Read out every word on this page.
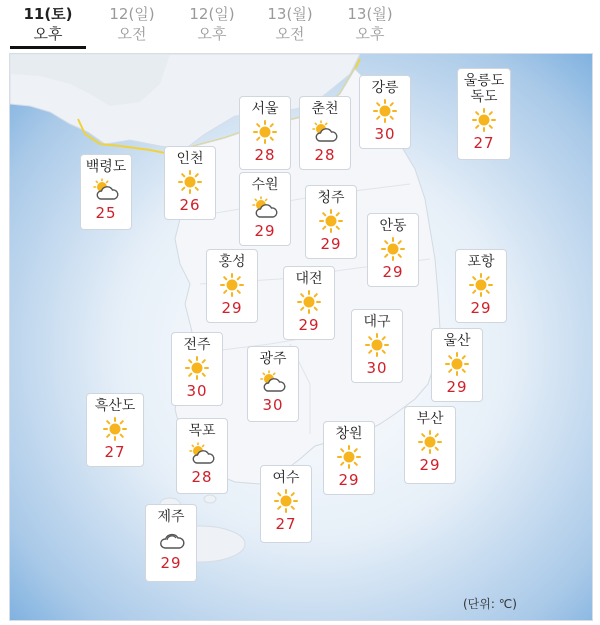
11(토)
오후
12(일)
오전
12(일)
오후
13(월)
오전
13(월)
오후
서울
28
춘천
28
강릉
30
울릉도
독도
27
백령도
25
인천
26
수원
29
청주
29
안동
29
홍성
29
대전
29
포항
29
대구
30
전주
30
광주
30
울산
29
흑산도
27
목포
28
창원
29
부산
29
여수
27
제주
29
(단위: ℃)
